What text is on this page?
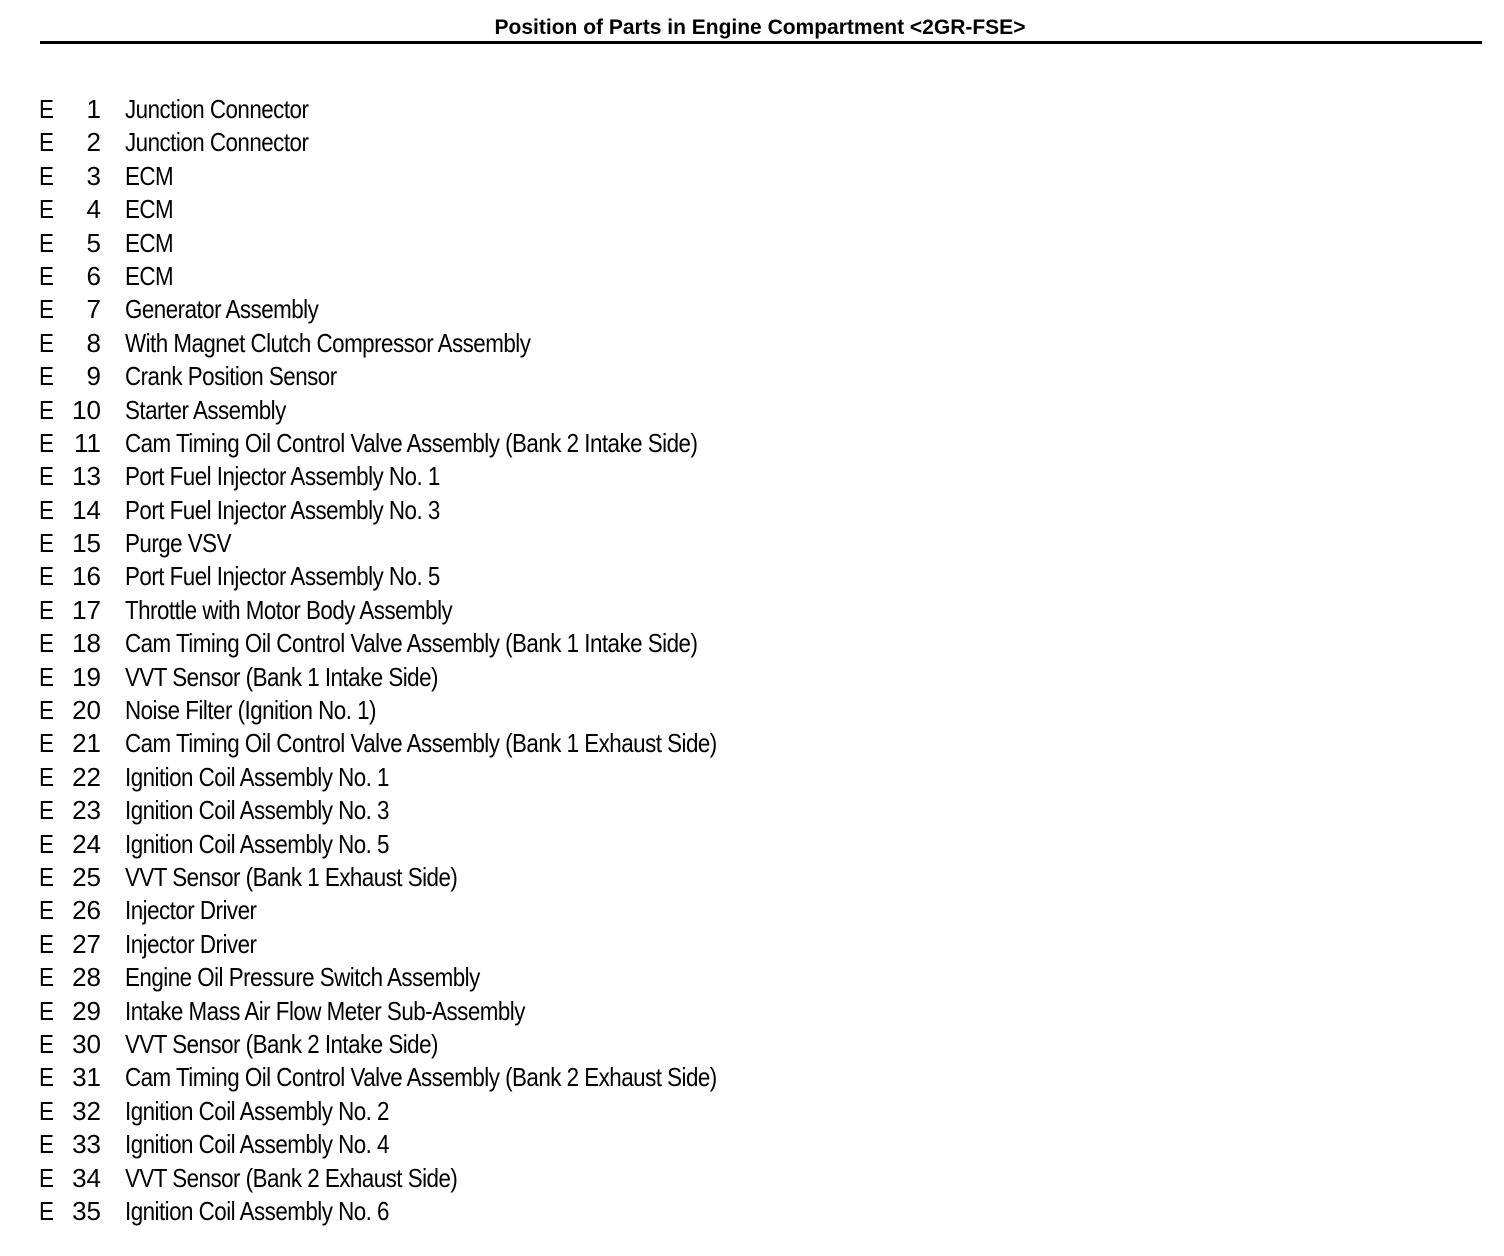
Position of Parts in Engine Compartment <2GR-FSE>
E	1 Junction Connector
E	2 Junction Connector
E	3 ECM
E	4 ECM
E	5 ECM
E	6 ECM
E	7 Generator Assembly
E	8 With Magnet Clutch Compressor Assembly
E	9 Crank Position Sensor
E 10 Starter Assembly
E 11 Cam Timing Oil Control Valve Assembly (Bank 2 Intake Side)
E 13 Port Fuel Injector Assembly No. 1
E 14 Port Fuel Injector Assembly No. 3
E 15 Purge VSV
E 16 Port Fuel Injector Assembly No. 5
E 17 Throttle with Motor Body Assembly
E 18 Cam Timing Oil Control Valve Assembly (Bank 1 Intake Side)
E 19 VVT Sensor (Bank 1 Intake Side)
E 20 Noise Filter (Ignition No. 1)
E 21 Cam Timing Oil Control Valve Assembly (Bank 1 Exhaust Side)
E 22 Ignition Coil Assembly No. 1
E 23 Ignition Coil Assembly No. 3
E 24 Ignition Coil Assembly No. 5
E 25 VVT Sensor (Bank 1 Exhaust Side)
E 26 Injector Driver
E 27 Injector Driver
E 28 Engine Oil Pressure Switch Assembly
E 29 Intake Mass Air Flow Meter Sub-Assembly
E 30 VVT Sensor (Bank 2 Intake Side)
E 31 Cam Timing Oil Control Valve Assembly (Bank 2 Exhaust Side)
E 32 Ignition Coil Assembly No. 2
E 33 Ignition Coil Assembly No. 4
E 34 VVT Sensor (Bank 2 Exhaust Side)
E 35 Ignition Coil Assembly No. 6
